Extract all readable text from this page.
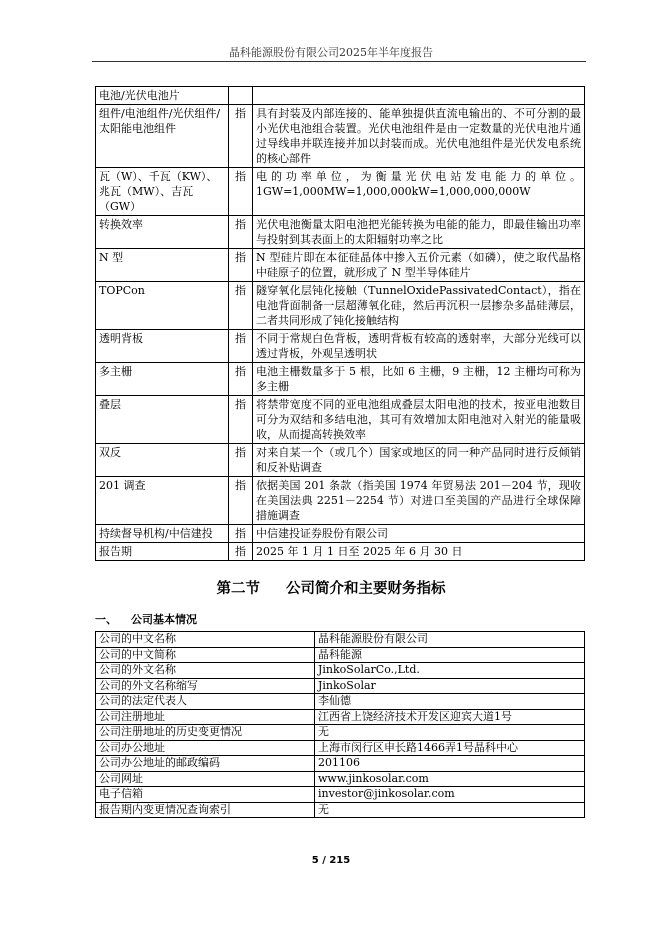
晶科能源股份有限公司2025年半年度报告
电池/光伏电池片		
组件/电池组件/光伏组件/太阳能电池组件	指	具有封装及内部连接的、能单独提供直流电输出的、不可分割的最小光伏电池组合装置。光伏电池组件是由一定数量的光伏电池片通过导线串并联连接并加以封装而成。光伏电池组件是光伏发电系统的核心部件
瓦（W）、千瓦（KW）、兆瓦（MW）、吉瓦（GW）	指	电的功率单位，为衡量光伏电站发电能力的单位。1GW=1,000MW=1,000,000kW=1,000,000,000W
转换效率	指	光伏电池衡量太阳电池把光能转换为电能的能力，即最佳输出功率与投射到其表面上的太阳辐射功率之比
N 型	指	N 型硅片即在本征硅晶体中掺入五价元素（如磷），使之取代晶格中硅原子的位置，就形成了 N 型半导体硅片
TOPCon	指	隧穿氧化层钝化接触（TunnelOxidePassivatedContact），指在电池背面制备一层超薄氧化硅，然后再沉积一层掺杂多晶硅薄层，二者共同形成了钝化接触结构
透明背板	指	不同于常规白色背板，透明背板有较高的透射率，大部分光线可以透过背板，外观呈透明状
多主栅	指	电池主栅数量多于 5 根，比如 6 主栅，9 主栅，12 主栅均可称为多主栅
叠层	指	将禁带宽度不同的亚电池组成叠层太阳电池的技术，按亚电池数目可分为双结和多结电池，其可有效增加太阳电池对入射光的能量吸收，从而提高转换效率
双反	指	对来自某一个（或几个）国家或地区的同一种产品同时进行反倾销和反补贴调查
201 调查	指	依据美国 201 条款（指美国 1974 年贸易法 201－204 节，现收在美国法典 2251－2254 节）对进口至美国的产品进行全球保障措施调查
持续督导机构/中信建投	指	中信建投证券股份有限公司
报告期	指	2025 年 1 月 1 日至 2025 年 6 月 30 日
第二节 公司简介和主要财务指标
一、 公司基本情况
公司的中文名称	晶科能源股份有限公司
公司的中文简称	晶科能源
公司的外文名称	JinkoSolarCo.,Ltd.
公司的外文名称缩写	JinkoSolar
公司的法定代表人	李仙德
公司注册地址	江西省上饶经济技术开发区迎宾大道1号
公司注册地址的历史变更情况	无
公司办公地址	上海市闵行区申长路1466弄1号晶科中心
公司办公地址的邮政编码	201106
公司网址	www.jinkosolar.com
电子信箱	investor@jinkosolar.com
报告期内变更情况查询索引	无
5 / 215
